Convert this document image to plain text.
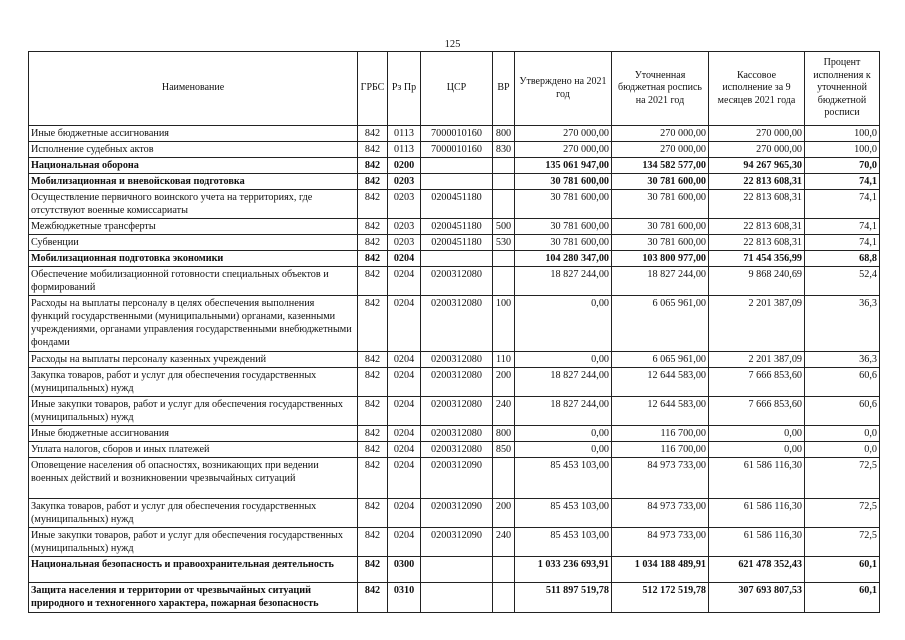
125
Наименование	ГРБС	Рз Пр	ЦСР	ВР	Утверждено на 2021 год	Уточненная бюджетная роспись на 2021 год	Кассовое исполнение за 9 месяцев 2021 года	Процент исполнения к уточненной бюджетной росписи
Иные бюджетные ассигнования	842	0113	7000010160	800	270 000,00	270 000,00	270 000,00	100,0
Исполнение судебных актов	842	0113	7000010160	830	270 000,00	270 000,00	270 000,00	100,0
Национальная оборона	842	0200			135 061 947,00	134 582 577,00	94 267 965,30	70,0
Мобилизационная и вневойсковая подготовка	842	0203			30 781 600,00	30 781 600,00	22 813 608,31	74,1
Осуществление первичного воинского учета на территориях, где отсутствуют военные комиссариаты	842	0203	0200451180		30 781 600,00	30 781 600,00	22 813 608,31	74,1
Межбюджетные трансферты	842	0203	0200451180	500	30 781 600,00	30 781 600,00	22 813 608,31	74,1
Субвенции	842	0203	0200451180	530	30 781 600,00	30 781 600,00	22 813 608,31	74,1
Мобилизационная подготовка экономики	842	0204			104 280 347,00	103 800 977,00	71 454 356,99	68,8
Обеспечение мобилизационной готовности специальных объектов и формирований	842	0204	0200312080		18 827 244,00	18 827 244,00	9 868 240,69	52,4
Расходы на выплаты персоналу в целях обеспечения выполнения функций государственными (муниципальными) органами, казенными учреждениями, органами управления государственными внебюджетными фондами	842	0204	0200312080	100	0,00	6 065 961,00	2 201 387,09	36,3
Расходы на выплаты персоналу казенных учреждений	842	0204	0200312080	110	0,00	6 065 961,00	2 201 387,09	36,3
Закупка товаров, работ и услуг для обеспечения государственных (муниципальных) нужд	842	0204	0200312080	200	18 827 244,00	12 644 583,00	7 666 853,60	60,6
Иные закупки товаров, работ и услуг для обеспечения государственных (муниципальных) нужд	842	0204	0200312080	240	18 827 244,00	12 644 583,00	7 666 853,60	60,6
Иные бюджетные ассигнования	842	0204	0200312080	800	0,00	116 700,00	0,00	0,0
Уплата налогов, сборов и иных платежей	842	0204	0200312080	850	0,00	116 700,00	0,00	0,0
Оповещение населения об опасностях, возникающих при ведении военных действий и возникновении чрезвычайных ситуаций	842	0204	0200312090		85 453 103,00	84 973 733,00	61 586 116,30	72,5
Закупка товаров, работ и услуг для обеспечения государственных (муниципальных) нужд	842	0204	0200312090	200	85 453 103,00	84 973 733,00	61 586 116,30	72,5
Иные закупки товаров, работ и услуг для обеспечения государственных (муниципальных) нужд	842	0204	0200312090	240	85 453 103,00	84 973 733,00	61 586 116,30	72,5
Национальная безопасность и правоохранительная деятельность	842	0300			1 033 236 693,91	1 034 188 489,91	621 478 352,43	60,1
Защита населения и территории от чрезвычайных ситуаций природного и техногенного характера, пожарная безопасность	842	0310			511 897 519,78	512 172 519,78	307 693 807,53	60,1
